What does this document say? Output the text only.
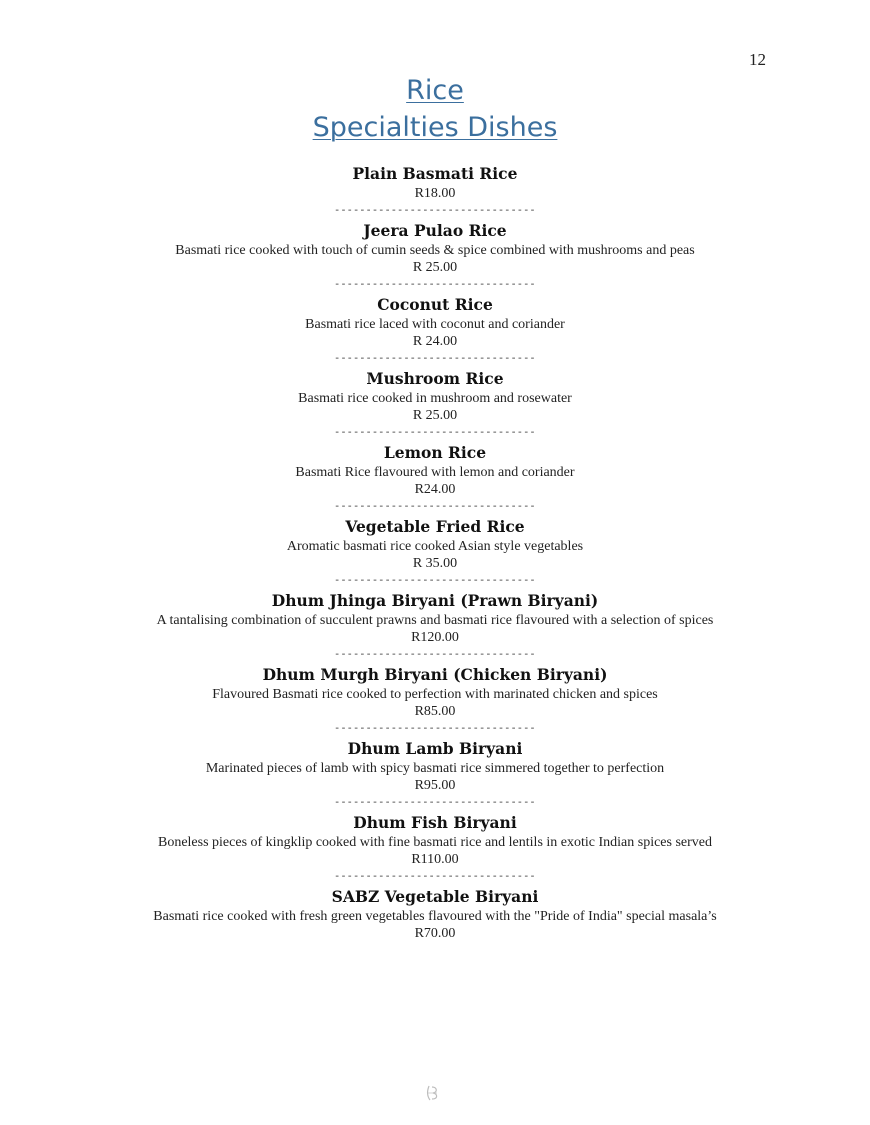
12
Rice
Specialties Dishes
Plain Basmati Rice
R18.00
--------------------------------
Jeera Pulao Rice
Basmati rice cooked with touch of cumin seeds & spice combined with mushrooms and peas
R 25.00
--------------------------------
Coconut Rice
Basmati rice laced with coconut and coriander
R 24.00
--------------------------------
Mushroom Rice
Basmati rice cooked in mushroom and rosewater
R 25.00
--------------------------------
Lemon Rice
Basmati Rice flavoured with lemon and coriander
R24.00
--------------------------------
Vegetable Fried Rice
Aromatic basmati rice cooked Asian style vegetables
R 35.00
--------------------------------
Dhum Jhinga Biryani (Prawn Biryani)
A tantalising combination of succulent prawns and basmati rice flavoured with a selection of spices
R120.00
--------------------------------
Dhum Murgh Biryani (Chicken Biryani)
Flavoured Basmati rice cooked to perfection with marinated chicken and spices
R85.00
--------------------------------
Dhum Lamb Biryani
Marinated pieces of lamb with spicy basmati rice simmered together to perfection
R95.00
--------------------------------
Dhum Fish Biryani
Boneless pieces of kingklip cooked with fine basmati rice and lentils in exotic Indian spices served
R110.00
--------------------------------
SABZ Vegetable Biryani
Basmati rice cooked with fresh green vegetables flavoured with the "Pride of India" special masala’s
R70.00
